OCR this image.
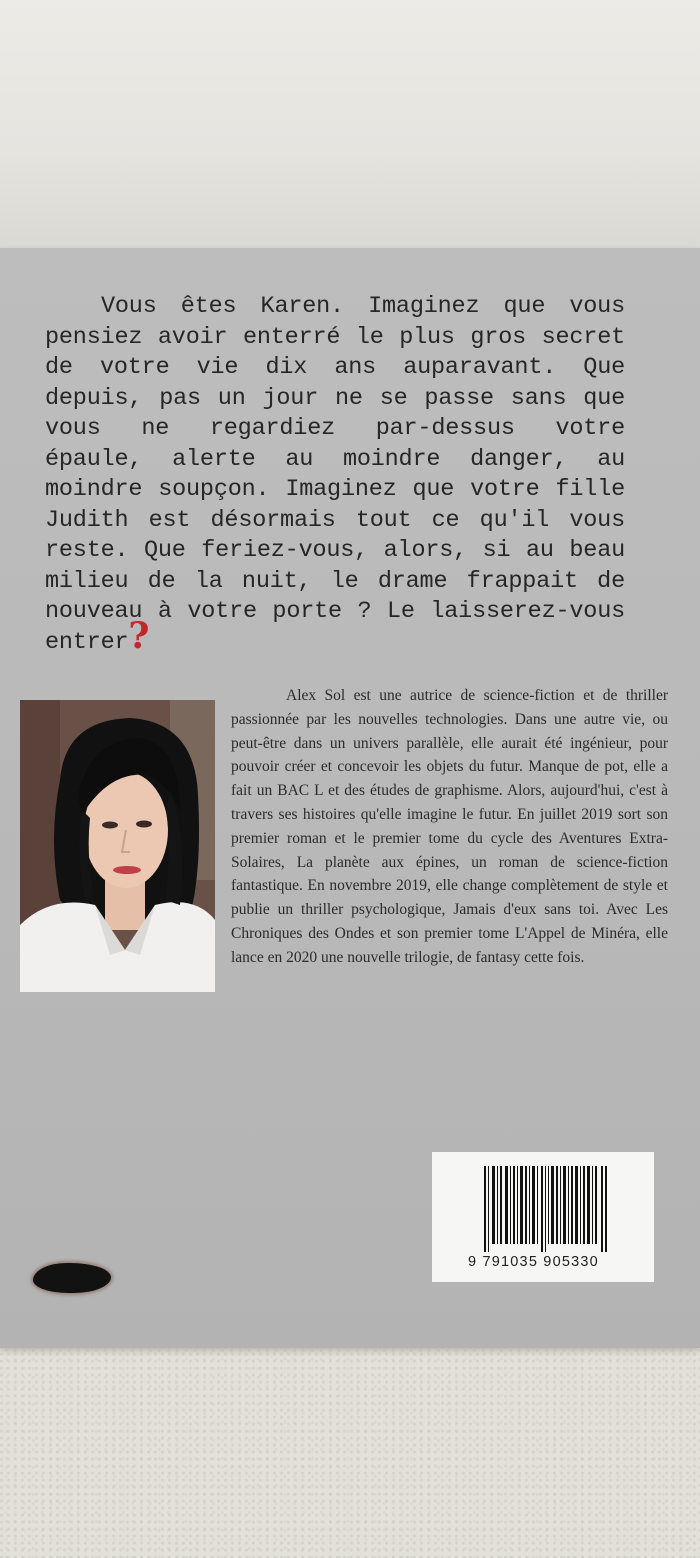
Vous êtes Karen. Imaginez que vous pensiez avoir enterré le plus gros secret de votre vie dix ans auparavant. Que depuis, pas un jour ne se passe sans que vous ne regardiez par-dessus votre épaule, alerte au moindre danger, au moindre soupçon. Imaginez que votre fille Judith est désormais tout ce qu'il vous reste. Que feriez-vous, alors, si au beau milieu de la nuit, le drame frappait de nouveau à votre porte ? Le laisserez-vous entrer?

Alex Sol est une autrice de science-fiction et de thriller passionnée par les nouvelles technologies. Dans une autre vie, ou peut-être dans un univers parallèle, elle aurait été ingénieur, pour pouvoir créer et concevoir les objets du futur. Manque de pot, elle a fait un BAC L et des études de graphisme. Alors, aujourd'hui, c'est à travers ses histoires qu'elle imagine le futur. En juillet 2019 sort son premier roman et le premier tome du cycle des Aventures Extra-Solaires, La planète aux épines, un roman de science-fiction fantastique. En novembre 2019, elle change complètement de style et publie un thriller psychologique, Jamais d'eux sans toi. Avec Les Chroniques des Ondes et son premier tome L'Appel de Minéra, elle lance en 2020 une nouvelle trilogie, de fantasy cette fois.

9 791035 905330
